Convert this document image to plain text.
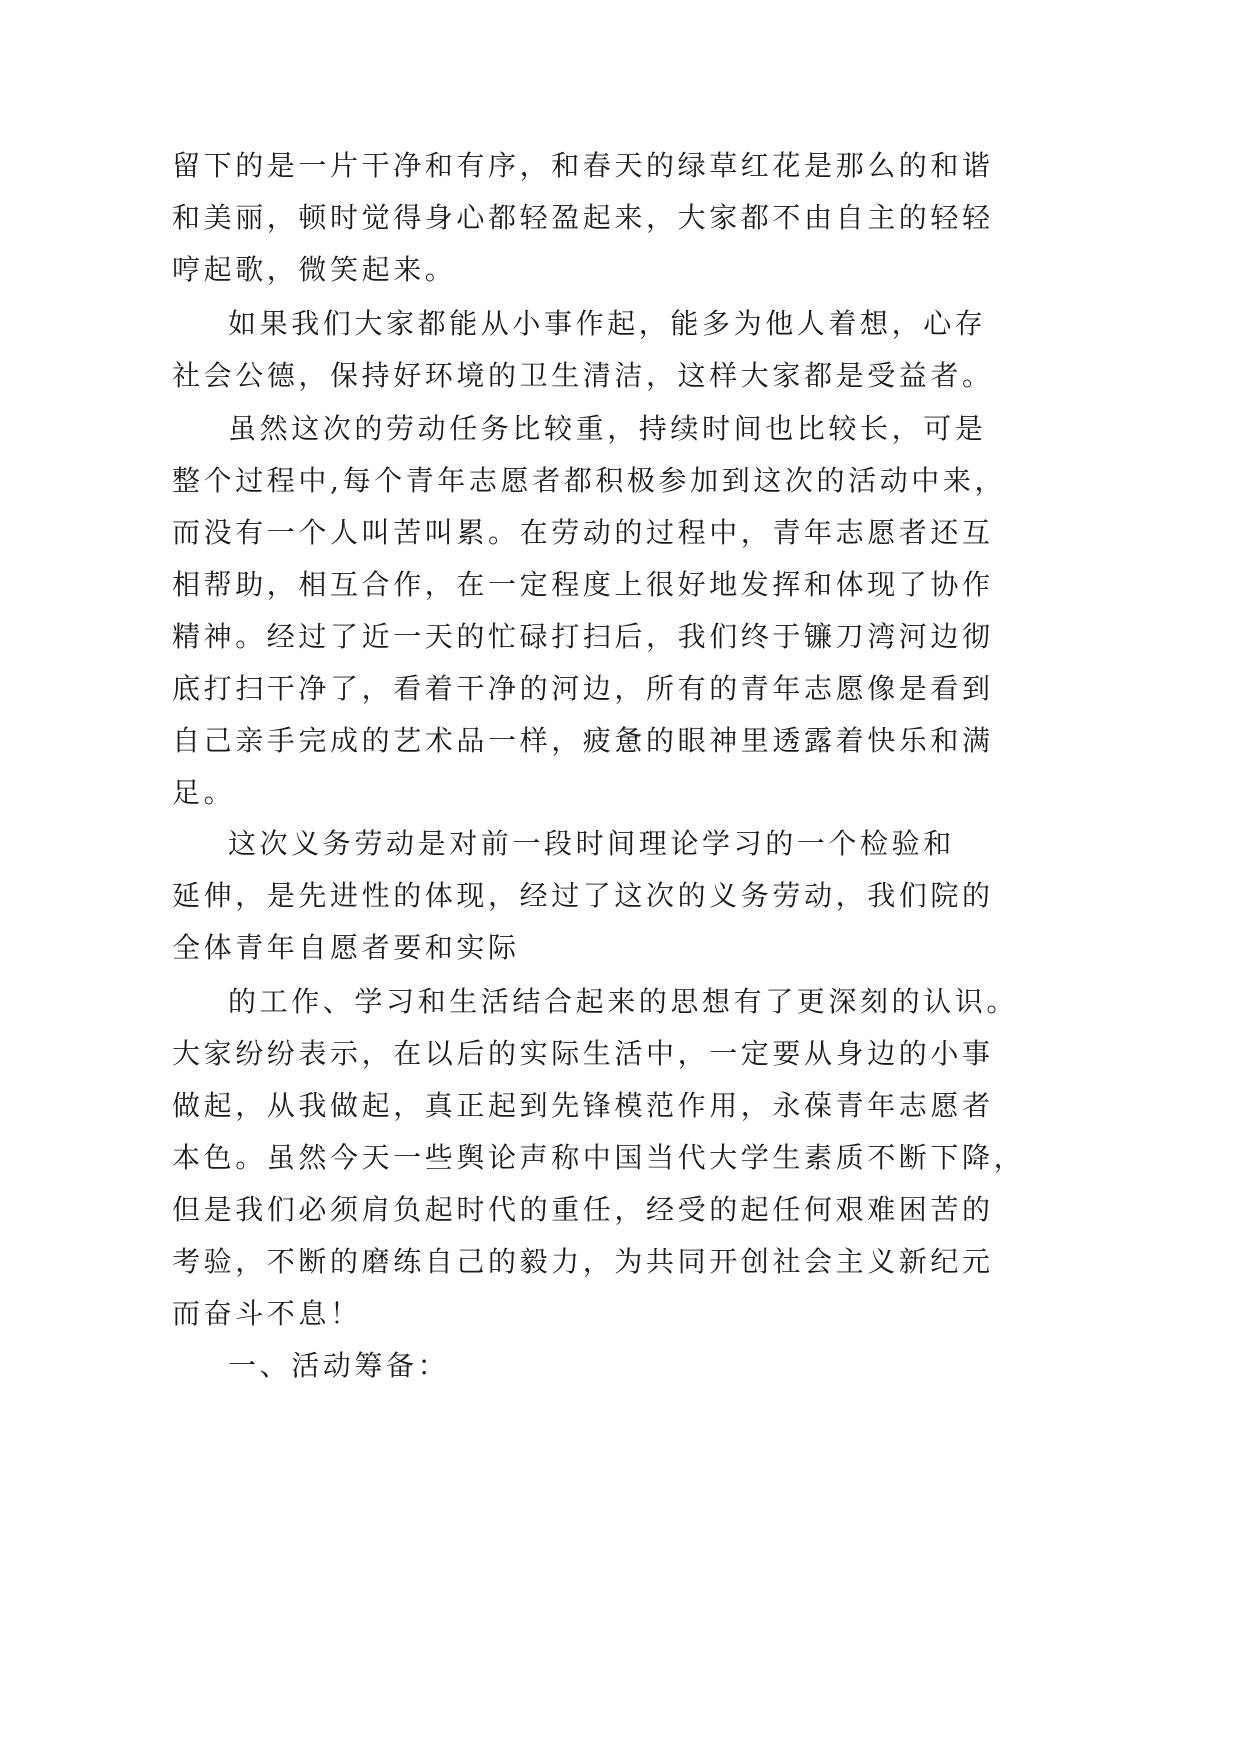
留下的是一片干净和有序，和春天的绿草红花是那么的和谐
和美丽，顿时觉得身心都轻盈起来，大家都不由自主的轻轻
哼起歌，微笑起来。

如果我们大家都能从小事作起，能多为他人着想，心存
社会公德，保持好环境的卫生清洁，这样大家都是受益者。

虽然这次的劳动任务比较重，持续时间也比较长，可是
整个过程中,每个青年志愿者都积极参加到这次的活动中来，
而没有一个人叫苦叫累。在劳动的过程中，青年志愿者还互
相帮助，相互合作，在一定程度上很好地发挥和体现了协作
精神。经过了近一天的忙碌打扫后，我们终于镰刀湾河边彻
底打扫干净了，看着干净的河边，所有的青年志愿像是看到
自己亲手完成的艺术品一样，疲惫的眼神里透露着快乐和满
足。

这次义务劳动是对前一段时间理论学习的一个检验和
延伸，是先进性的体现，经过了这次的义务劳动，我们院的
全体青年自愿者要和实际

的工作、学习和生活结合起来的思想有了更深刻的认识。
大家纷纷表示，在以后的实际生活中，一定要从身边的小事
做起，从我做起，真正起到先锋模范作用，永葆青年志愿者
本色。虽然今天一些舆论声称中国当代大学生素质不断下降，
但是我们必须肩负起时代的重任，经受的起任何艰难困苦的
考验，不断的磨练自己的毅力，为共同开创社会主义新纪元
而奋斗不息！

一、活动筹备：
